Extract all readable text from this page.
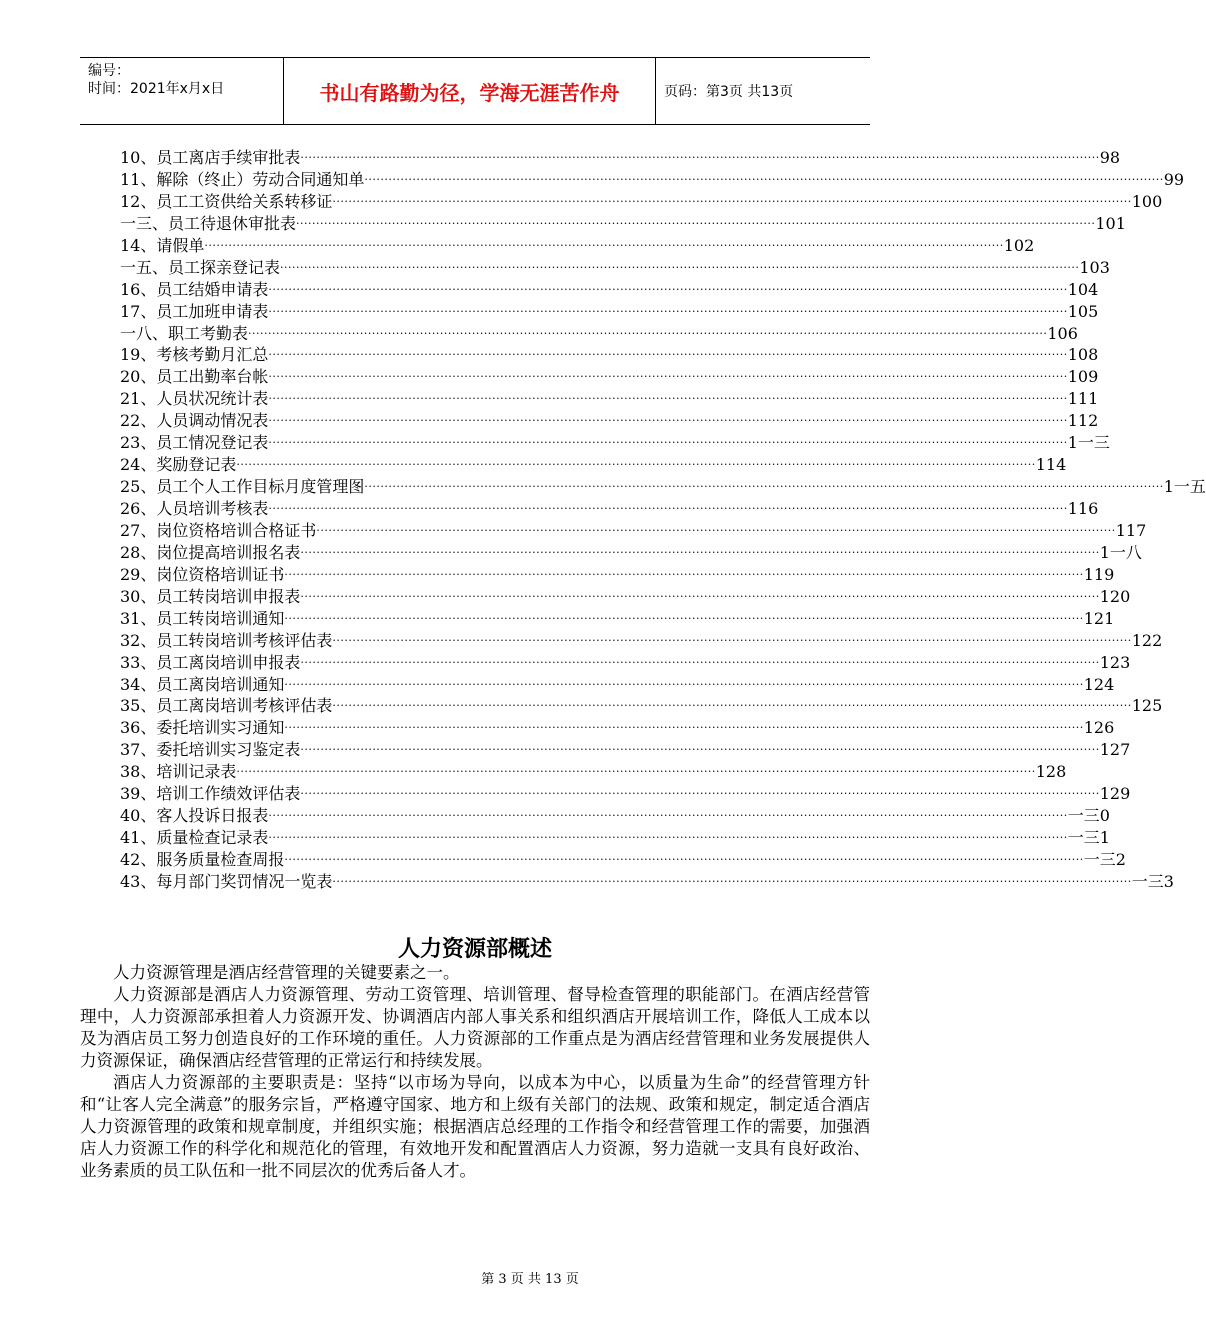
编号：
时间：2021年x月x日	书山有路勤为径，学海无涯苦作舟	页码：第3页 共13页
10、员工离店手续审批表 ········································································································································································································ 98
11、解除（终止）劳动合同通知单 ········································································································································································································ 99
12、员工工资供给关系转移证 ········································································································································································································ 100
一三、员工待退休审批表 ········································································································································································································ 101
14、请假单 ········································································································································································································ 102
一五、员工探亲登记表 ········································································································································································································ 103
16、员工结婚申请表 ········································································································································································································ 104
17、员工加班申请表 ········································································································································································································ 105
一八、职工考勤表 ········································································································································································································ 106
19、考核考勤月汇总 ········································································································································································································ 108
20、员工出勤率台帐 ········································································································································································································ 109
21、人员状况统计表 ········································································································································································································ 111
22、人员调动情况表 ········································································································································································································ 112
23、员工情况登记表 ········································································································································································································ 1一三
24、奖励登记表 ········································································································································································································ 114
25、员工个人工作目标月度管理图 ········································································································································································································ 1一五
26、人员培训考核表 ········································································································································································································ 116
27、岗位资格培训合格证书 ········································································································································································································ 117
28、岗位提高培训报名表 ········································································································································································································ 1一八
29、岗位资格培训证书 ········································································································································································································ 119
30、员工转岗培训申报表 ········································································································································································································ 120
31、员工转岗培训通知 ········································································································································································································ 121
32、员工转岗培训考核评估表 ········································································································································································································ 122
33、员工离岗培训申报表 ········································································································································································································ 123
34、员工离岗培训通知 ········································································································································································································ 124
35、员工离岗培训考核评估表 ········································································································································································································ 125
36、委托培训实习通知 ········································································································································································································ 126
37、委托培训实习鉴定表 ········································································································································································································ 127
38、培训记录表 ········································································································································································································ 128
39、培训工作绩效评估表 ········································································································································································································ 129
40、客人投诉日报表 ········································································································································································································ 一三0
41、质量检查记录表 ········································································································································································································ 一三1
42、服务质量检查周报 ········································································································································································································ 一三2
43、每月部门奖罚情况一览表 ········································································································································································································ 一三3
人力资源部概述

人力资源管理是酒店经营管理的关键要素之一。

人力资源部是酒店人力资源管理、劳动工资管理、培训管理、督导检查管理的职能部门。在酒店经营管理中，人力资源部承担着人力资源开发、协调酒店内部人事关系和组织酒店开展培训工作，降低人工成本以及为酒店员工努力创造良好的工作环境的重任。人力资源部的工作重点是为酒店经营管理和业务发展提供人力资源保证，确保酒店经营管理的正常运行和持续发展。

酒店人力资源部的主要职责是：坚持“以市场为导向，以成本为中心，以质量为生命”的经营管理方针和“让客人完全满意”的服务宗旨，严格遵守国家、地方和上级有关部门的法规、政策和规定，制定适合酒店人力资源管理的政策和规章制度，并组织实施；根据酒店总经理的工作指令和经营管理工作的需要，加强酒店人力资源工作的科学化和规范化的管理，有效地开发和配置酒店人力资源，努力造就一支具有良好政治、业务素质的员工队伍和一批不同层次的优秀后备人才。

第 3 页 共 13 页
